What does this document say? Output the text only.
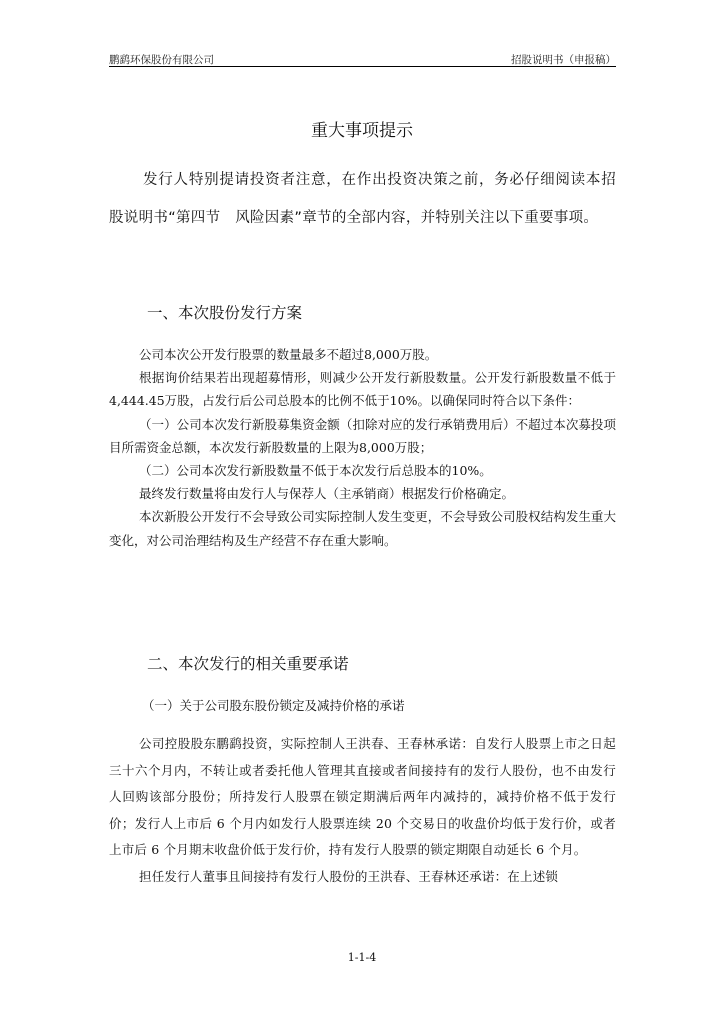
鹏鹞环保股份有限公司	招股说明书（申报稿）
重大事项提示
发行人特别提请投资者注意，在作出投资决策之前，务必仔细阅读本招股说明书“第四节　风险因素”章节的全部内容，并特别关注以下重要事项。
一、本次股份发行方案

公司本次公开发行股票的数量最多不超过8,000万股。

根据询价结果若出现超募情形，则减少公开发行新股数量。公开发行新股数量不低于4,444.45万股，占发行后公司总股本的比例不低于10%。以确保同时符合以下条件：

（一）公司本次发行新股募集资金额（扣除对应的发行承销费用后）不超过本次募投项目所需资金总额，本次发行新股数量的上限为8,000万股；

（二）公司本次发行新股数量不低于本次发行后总股本的10%。

最终发行数量将由发行人与保荐人（主承销商）根据发行价格确定。

本次新股公开发行不会导致公司实际控制人发生变更，不会导致公司股权结构发生重大变化，对公司治理结构及生产经营不存在重大影响。

二、本次发行的相关重要承诺
（一）关于公司股东股份锁定及减持价格的承诺

公司控股股东鹏鹞投资，实际控制人王洪春、王春林承诺：自发行人股票上市之日起三十六个月内，不转让或者委托他人管理其直接或者间接持有的发行人股份，也不由发行人回购该部分股份；所持发行人股票在锁定期满后两年内减持的，减持价格不低于发行价；发行人上市后 6 个月内如发行人股票连续 20 个交易日的收盘价均低于发行价，或者上市后 6 个月期末收盘价低于发行价，持有发行人股票的锁定期限自动延长 6 个月。

担任发行人董事且间接持有发行人股份的王洪春、王春林还承诺：在上述锁

1-1-4
